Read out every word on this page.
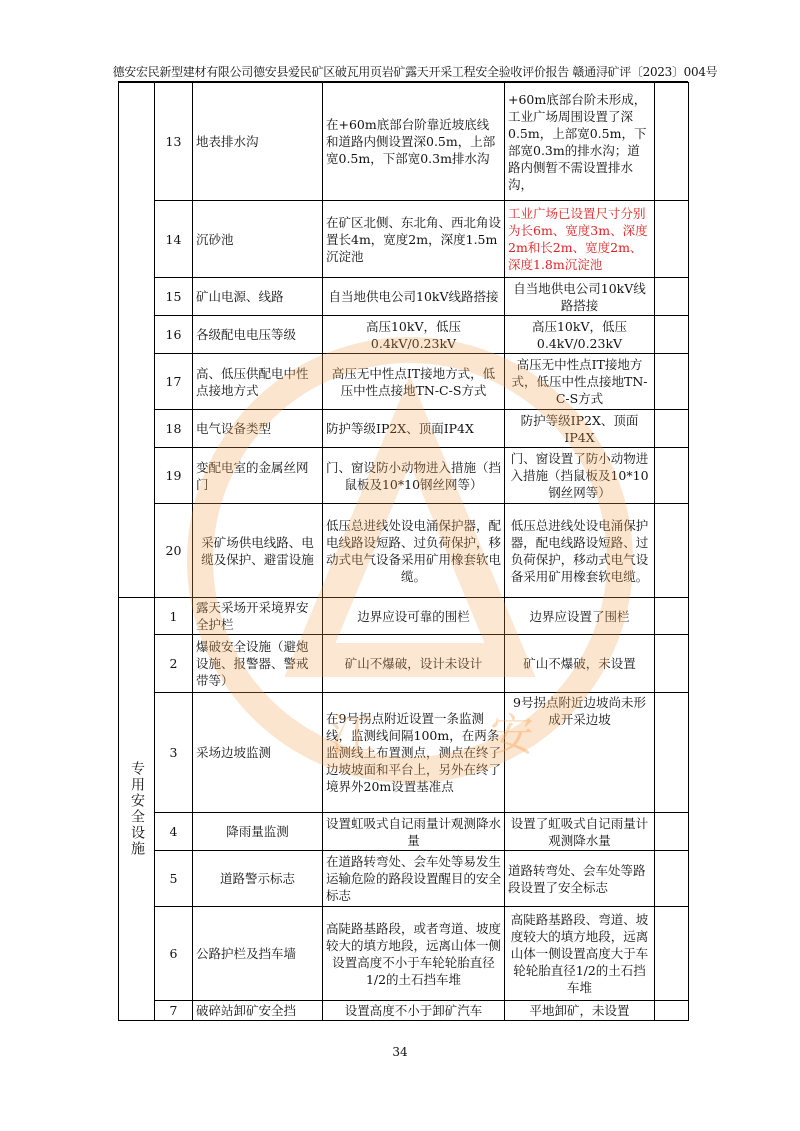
德安宏民新型建材有限公司德安县爱民矿区破瓦用页岩矿露天开采工程安全验收评价报告 赣通浔矿评〔2023〕004号
	13	地表排水沟	在+60m底部台阶靠近坡底线和道路内侧设置深0.5m，上部宽0.5m，下部宽0.3m排水沟	+60m底部台阶未形成，工业广场周围设置了深0.5m，上部宽0.5m，下部宽0.3m的排水沟；道路内侧暂不需设置排水沟，	
	14	沉砂池	在矿区北侧、东北角、西北角设置长4m，宽度2m，深度1.5m沉淀池	工业广场已设置尺寸分别为长6m、宽度3m、深度2m和长2m、宽度2m、深度1.8m沉淀池	
	15	矿山电源、线路	自当地供电公司10kV线路搭接	自当地供电公司10kV线路搭接	
	16	各级配电电压等级	高压10kV，低压0.4kV/0.23kV	高压10kV，低压0.4kV/0.23kV	
	17	高、低压供配电中性点接地方式	高压无中性点IT接地方式，低压中性点接地TN-C-S方式	高压无中性点IT接地方式，低压中性点接地TN-C-S方式	
	18	电气设备类型	防护等级IP2X、顶面IP4X	防护等级IP2X、顶面IP4X	
	19	变配电室的金属丝网门	门、窗设防小动物进入措施（挡鼠板及10*10钢丝网等）	门、窗设置了防小动物进入措施（挡鼠板及10*10钢丝网等）	
	20	采矿场供电线路、电缆及保护、避雷设施	低压总进线处设电涌保护器，配电线路设短路、过负荷保护，移动式电气设备采用矿用橡套软电缆。	低压总进线处设电涌保护器，配电线路设短路、过负荷保护，移动式电气设备采用矿用橡套软电缆。	

专用安全设施	1	露天采场开采境界安全护栏	边界应设可靠的围栏	边界应设置了围栏	
	2	爆破安全设施（避炮设施、报警器、警戒带等）	矿山不爆破，设计未设计	矿山不爆破，未设置	
	3	采场边坡监测	在9号拐点附近设置一条监测线，监测线间隔100m，在两条监测线上布置测点，测点在终了边坡坡面和平台上，另外在终了境界外20m设置基准点	9号拐点附近边坡尚未形成开采边坡	
	4	降雨量监测	设置虹吸式自记雨量计观测降水量	设置了虹吸式自记雨量计观测降水量	
	5	道路警示标志	在道路转弯处、会车处等易发生运输危险的路段设置醒目的安全标志	道路转弯处、会车处等路段设置了安全标志	
	6	公路护栏及挡车墙	高陡路基路段，或者弯道、坡度较大的填方地段，远离山体一侧设置高度不小于车轮轮胎直径1/2的土石挡车堆	高陡路基路段、弯道、坡度较大的填方地段，远离山体一侧设置高度大于车轮轮胎直径1/2的土石挡车堆	
	7	破碎站卸矿安全挡	设置高度不小于卸矿汽车	平地卸矿，未设置	
江	安
34
